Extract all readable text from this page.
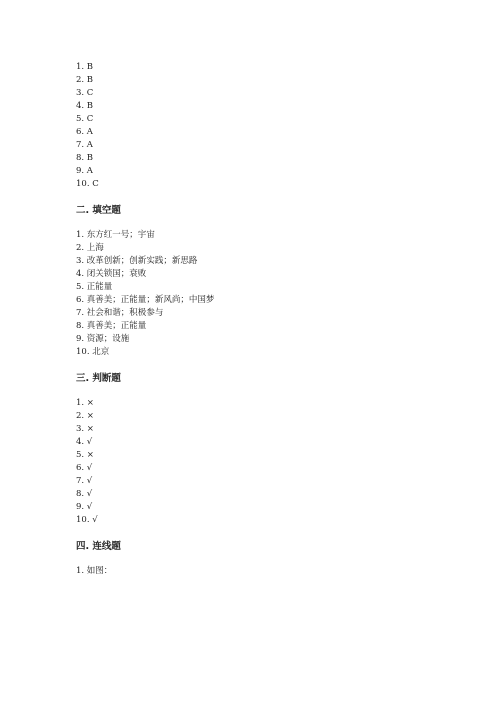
1. B
2. B
3. C
4. B
5. C
6. A
7. A
8. B
9. A
10. C
二. 填空题
1. 东方红一号；宇宙
2. 上海
3. 改革创新；创新实践；新思路
4. 闭关锁国；衰败
5. 正能量
6. 真善美；正能量；新风尚；中国梦
7. 社会和谐；积极参与
8. 真善美；正能量
9. 资源；设施
10. 北京
三. 判断题
1. ×
2. ×
3. ×
4. √
5. ×
6. √
7. √
8. √
9. √
10. √
四. 连线题
1. 如图：
